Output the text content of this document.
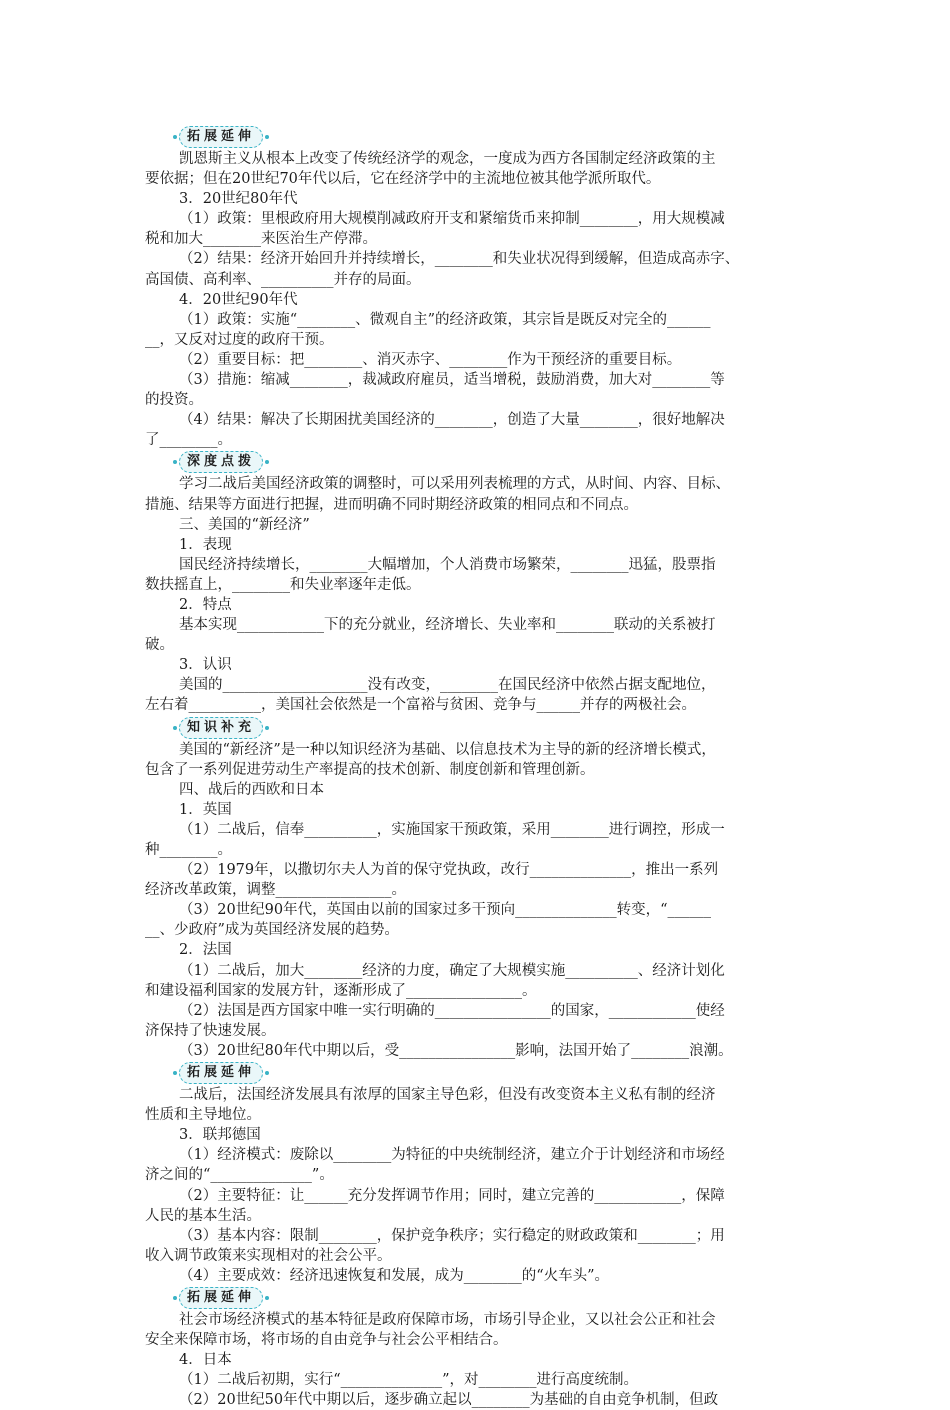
拓展延伸
凯恩斯主义从根本上改变了传统经济学的观念，一度成为西方各国制定经济政策的主
要依据；但在20世纪70年代以后，它在经济学中的主流地位被其他学派所取代。
3．20世纪80年代
（1）政策：里根政府用大规模削减政府开支和紧缩货币来抑制________，用大规模减
税和加大________来医治生产停滞。
（2）结果：经济开始回升并持续增长，________和失业状况得到缓解，但造成高赤字、
高国债、高利率、__________并存的局面。
4．20世纪90年代
（1）政策：实施“________、微观自主”的经济政策，其宗旨是既反对完全的______
__，又反对过度的政府干预。
（2）重要目标：把________、消灭赤字、________作为干预经济的重要目标。
（3）措施：缩减________，裁减政府雇员，适当增税，鼓励消费，加大对________等
的投资。
（4）结果：解决了长期困扰美国经济的________，创造了大量________，很好地解决
了________。
深度点拨
学习二战后美国经济政策的调整时，可以采用列表梳理的方式，从时间、内容、目标、
措施、结果等方面进行把握，进而明确不同时期经济政策的相同点和不同点。
三、美国的“新经济”
1．表现
国民经济持续增长，________大幅增加，个人消费市场繁荣，________迅猛，股票指
数扶摇直上，________和失业率逐年走低。
2．特点
基本实现____________下的充分就业，经济增长、失业率和________联动的关系被打
破。
3．认识
美国的____________________没有改变，________在国民经济中依然占据支配地位，
左右着__________，美国社会依然是一个富裕与贫困、竞争与______并存的两极社会。
知识补充
美国的“新经济”是一种以知识经济为基础、以信息技术为主导的新的经济增长模式，
包含了一系列促进劳动生产率提高的技术创新、制度创新和管理创新。
四、战后的西欧和日本
1．英国
（1）二战后，信奉__________，实施国家干预政策，采用________进行调控，形成一
种________。
（2）1979年，以撒切尔夫人为首的保守党执政，改行______________，推出一系列
经济改革政策，调整________________。
（3）20世纪90年代，英国由以前的国家过多干预向______________转变，“______
__、少政府”成为英国经济发展的趋势。
2．法国
（1）二战后，加大________经济的力度，确定了大规模实施__________、经济计划化
和建设福利国家的发展方针，逐渐形成了________________。
（2）法国是西方国家中唯一实行明确的________________的国家，____________使经
济保持了快速发展。
（3）20世纪80年代中期以后，受________________影响，法国开始了________浪潮。
拓展延伸
二战后，法国经济发展具有浓厚的国家主导色彩，但没有改变资本主义私有制的经济
性质和主导地位。
3．联邦德国
（1）经济模式：废除以________为特征的中央统制经济，建立介于计划经济和市场经
济之间的“______________”。
（2）主要特征：让______充分发挥调节作用；同时，建立完善的____________，保障
人民的基本生活。
（3）基本内容：限制________，保护竞争秩序；实行稳定的财政政策和________；用
收入调节政策来实现相对的社会公平。
（4）主要成效：经济迅速恢复和发展，成为________的“火车头”。
拓展延伸
社会市场经济模式的基本特征是政府保障市场，市场引导企业，又以社会公正和社会
安全来保障市场，将市场的自由竞争与社会公平相结合。
4．日本
（1）二战后初期，实行“______________”，对________进行高度统制。
（2）20世纪50年代中期以后，逐步确立起以________为基础的自由竞争机制，但政
